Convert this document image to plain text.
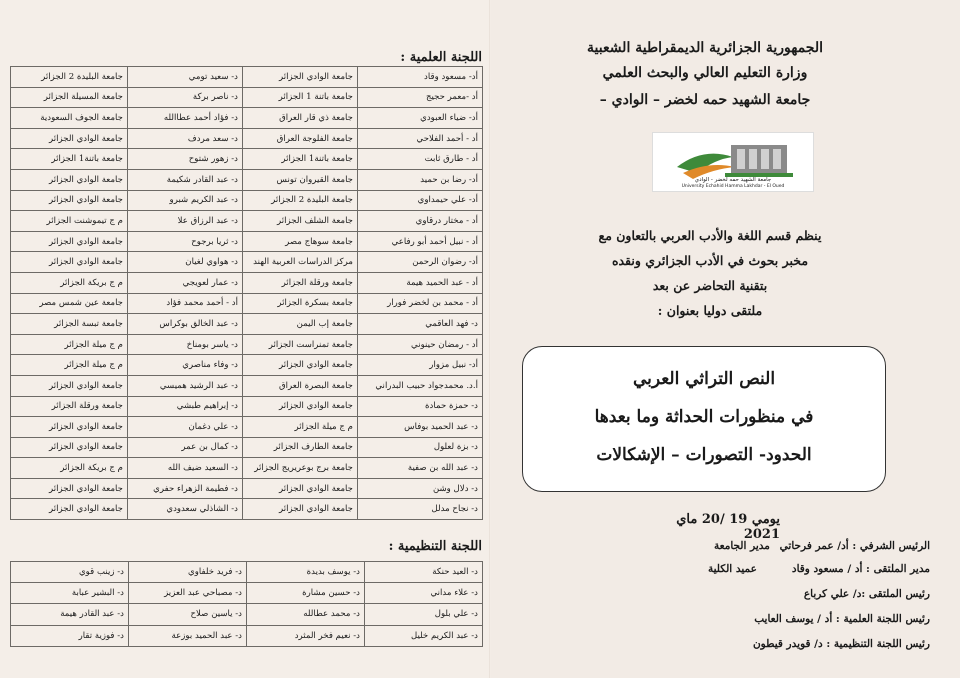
اللجنة العلمية :
أد- مسعود وقاد	جامعة الوادي الجزائر	د- سعيد تومي	جامعة البليدة 2 الجزائر
أد -معمر حجيج	جامعة باتنة 1 الجزائر	د- ناصر بركة	جامعة المسيلة الجزائر
أد- ضياء العبودي	جامعة ذي قار العراق	د- فؤاد أحمد عطاالله	جامعة الجوف السعودية
أد - أحمد الفلاحي	جامعة الفلوجة العراق	د- سعد مردف	جامعة الوادي الجزائر
أد - طارق ثابت	جامعة باتنة1 الجزائر	د- زهور شتوح	جامعة باتنة1 الجزائر
أد- رضا بن حميد	جامعة القيروان تونس	د- عبد القادر شكيمة	جامعة الوادي الجزائر
أد- علي حيمداوي	جامعة البليدة 2 الجزائر	د- عبد الكريم شبرو	جامعة الوادي الجزائر
أد - مختار درقاوي	جامعة الشلف الجزائر	د- عبد الرزاق علا	م ج تيموشنت الجزائر
أد - نبيل أحمد أبو رفاعي	جامعة سوهاج مصر	د- ثريا برجوح	جامعة الوادي الجزائر
أد- رضوان الرحمن	مركز الدراسات العربية الهند	د- هواوي لغيان	جامعة الوادي الجزائر
أد - عبد الحميد هيمة	جامعة ورقلة الجزائر	د- عمار لعويجي	م ج بريكة الجزائر
أد - محمد بن لخضر فورار	جامعة بسكرة الجزائر	أد - أحمد محمد فؤاد	جامعة عين شمس مصر
د- فهد العاقمي	جامعة إب اليمن	د- عبد الخالق بوكراس	جامعة تبسة الجزائر
أد - رمضان حينوني	جامعة تمنراست الجزائر	د- ياسر بومناخ	م ج ميلة الجزائر
أد- نبيل مزوار	جامعة الوادي الجزائر	د- وفاء مناصري	م ج ميلة الجزائر
أ.د. محمدجواد حبيب البدراني	جامعة البصرة العراق	د- عبد الرشيد هميسي	جامعة الوادي الجزائر
د- حمزة حمادة	جامعة الوادي الجزائر	د- إبراهيم طبشي	جامعة ورقلة الجزائر
د- عبد الحميد بوفاس	م ج ميلة الجزائر	د- علي دغمان	جامعة الوادي الجزائر
د- بزة لعلول	جامعة الطارف الجزائر	د- كمال بن عمر	جامعة الوادي الجزائر
د- عبد الله بن صفية	جامعة برج بوعريريج الجزائر	د- السعيد ضيف الله	م ج بريكة الجزائر
د- دلال وشن	جامعة الوادي الجزائر	د- فطيمة الزهراء حفري	جامعة الوادي الجزائر
د- نجاح مدلل	جامعة الوادي الجزائر	د- الشاذلي سعدودي	جامعة الوادي الجزائر
اللجنة التنظيمية :
د- العيد حنكة	د- يوسف بديدة	د- فريد خلفاوي	د- زينب قوي
د- علاء مداني	د- حسين مشارة	د- مصباحي عبد العزيز	د- البشير عبابة
د- علي بلول	د- محمد عطالله	د- ياسين صلاح	د- عبد القادر هيمة
د- عبد الكريم خليل	د- نعيم فخر المثرد	د- عبد الحميد بوزعة	د- فوزية تقار
الجمهورية الجزائرية الديمقراطية الشعبية
وزارة التعليم العالي والبحث العلمي
جامعة الشهيد حمه لخضر – الوادي –
جامعة الشهيد حمه لخضر - الوادي
University Echahid Hamma Lakhdar - El Oued
ينظم قسم اللغة والأدب العربي بالتعاون مع
مخبر بحوث في الأدب الجزائري ونقده
بتقنية التحاضر عن بعد
ملتقى دوليا بعنوان :
النص التراثي العربي
في منظورات الحداثة وما بعدها
الحدود- التصورات – الإشكالات
يومي 19 /20 ماي 2021
الرئيس الشرفي : أد/ عمر فرحاتي
مدير الجامعة
مدير الملتقى : أد / مسعود وقاد
عميد الكلية
رئيس الملتقى :د/ علي كرباع
رئيس اللجنة العلمية : أد / يوسف العايب
رئيس اللجنة التنظيمية : د/ قويدر قيطون
